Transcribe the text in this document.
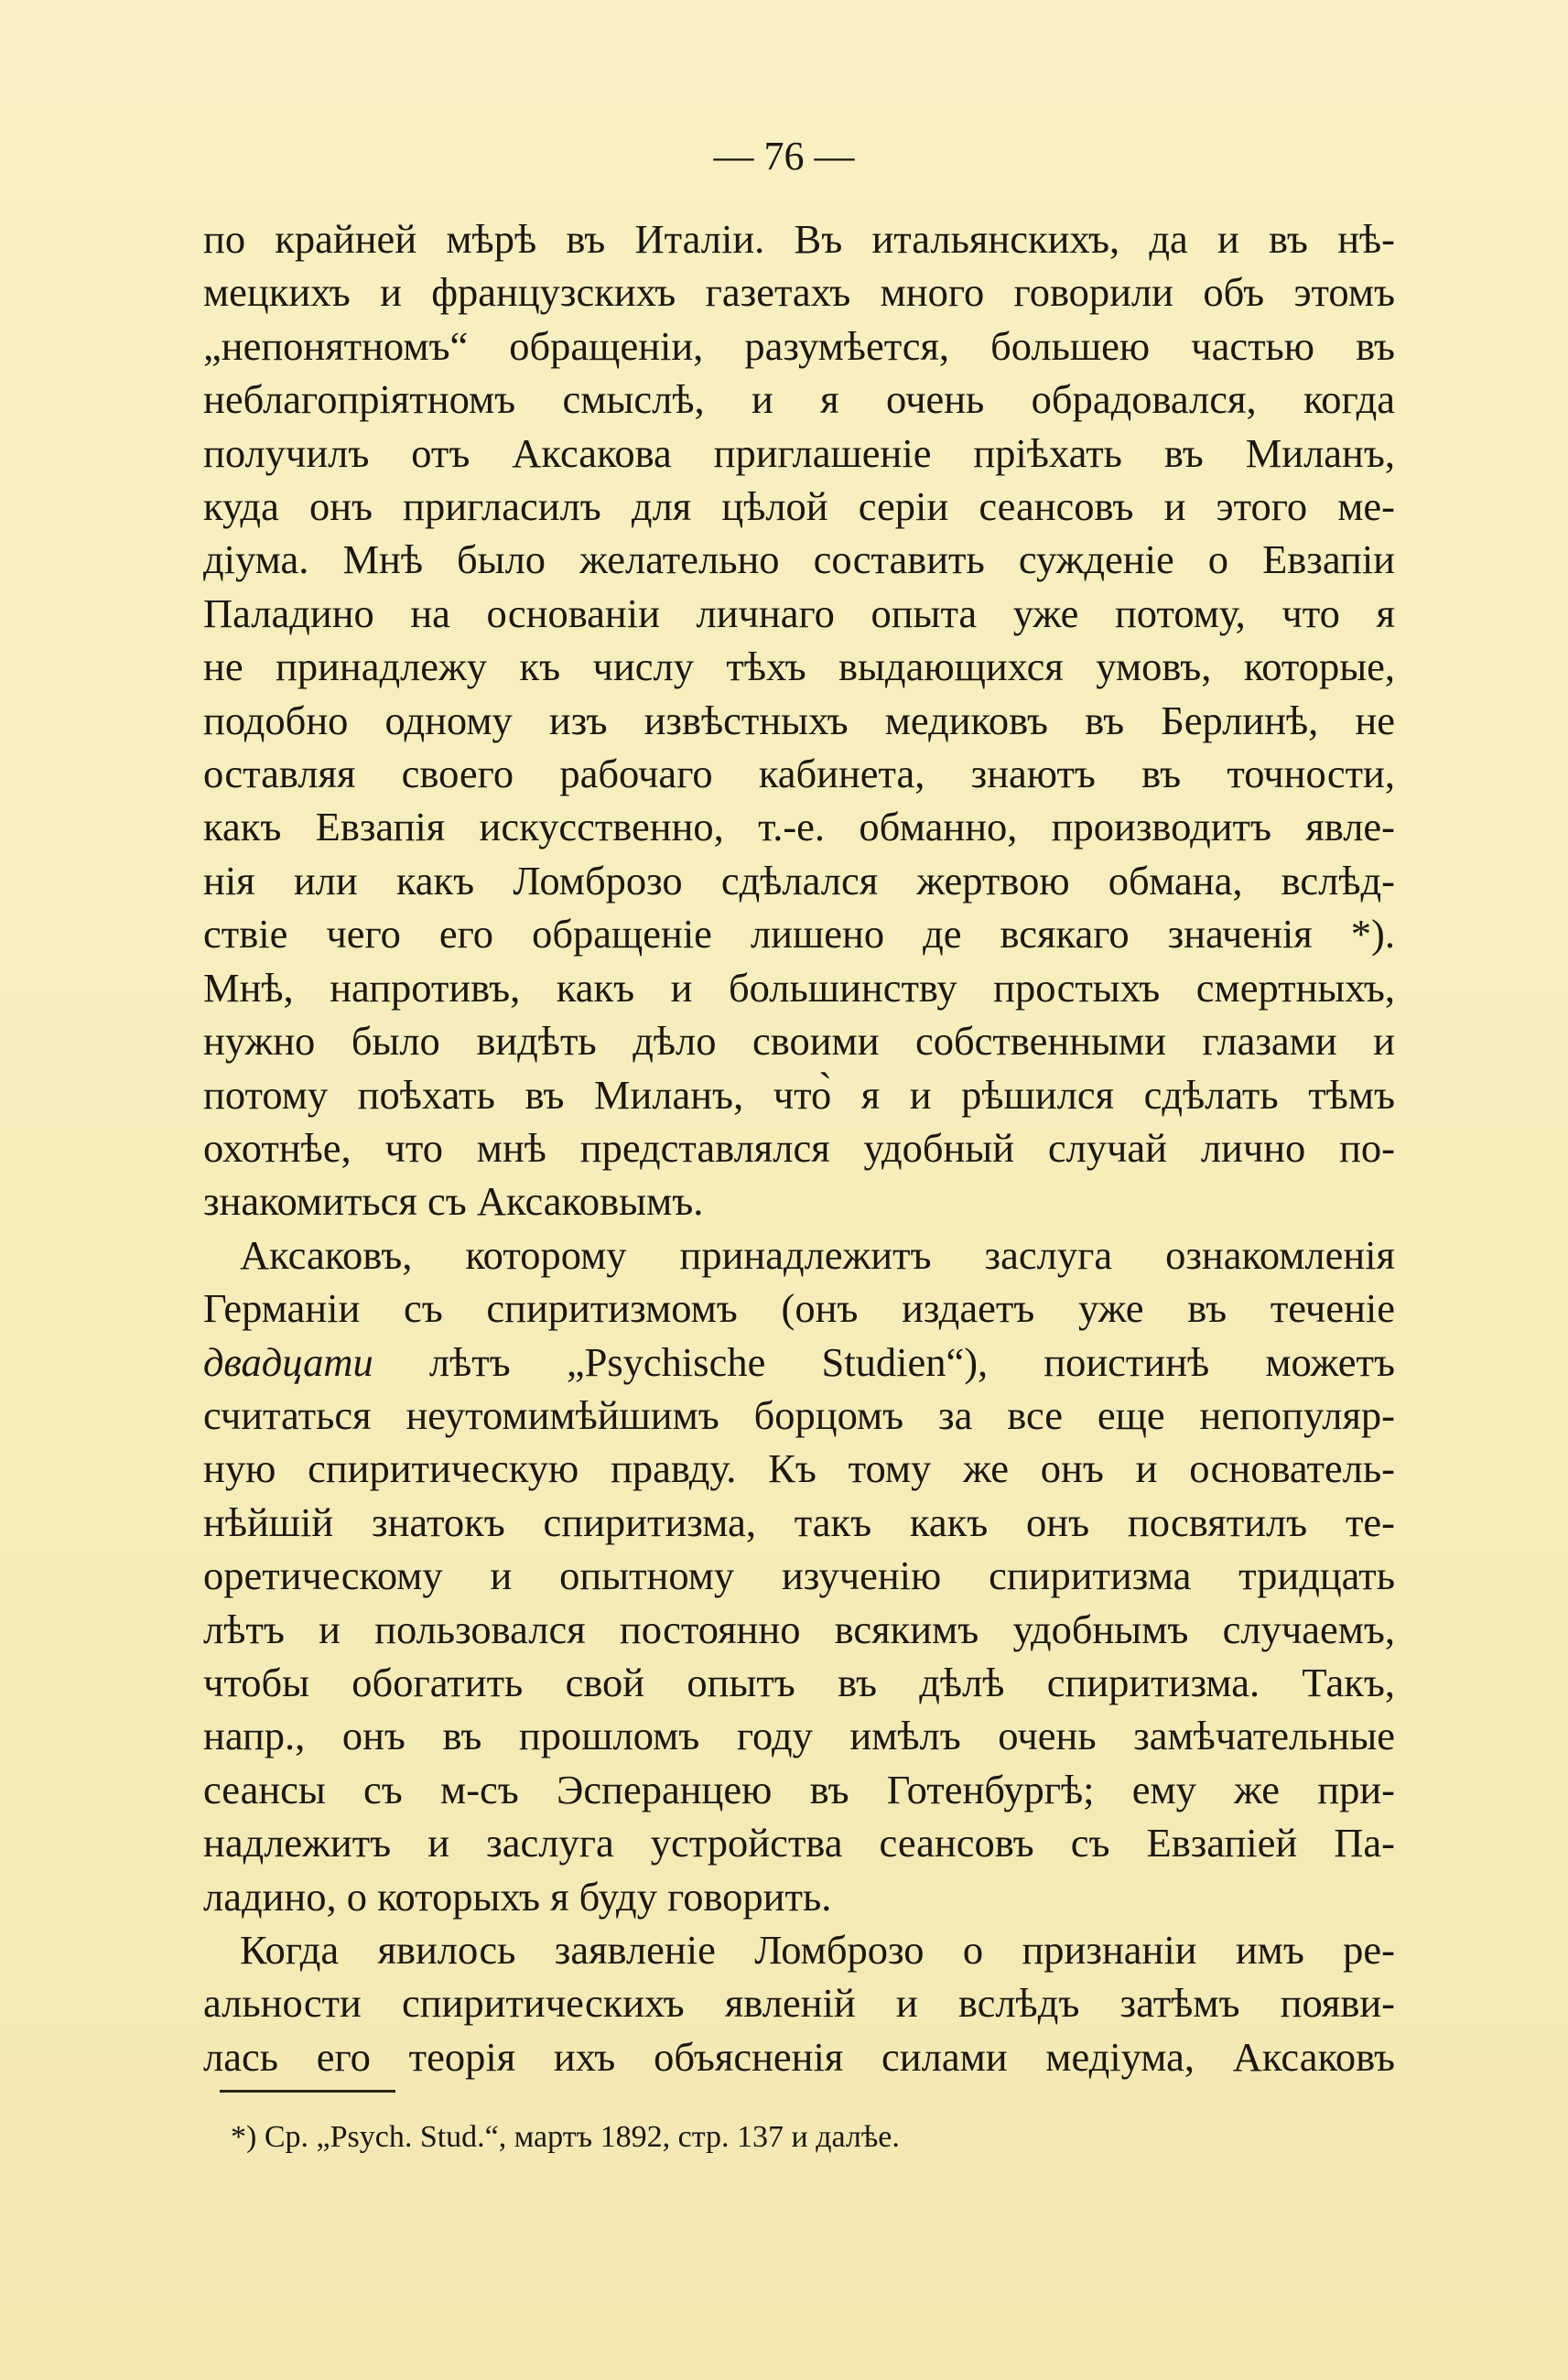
— 76 —

по крайней мѣрѣ въ Италіи. Въ итальянскихъ, да и въ нѣ-
мецкихъ и французскихъ газетахъ много говорили объ этомъ
„непонятномъ“ обращеніи, разумѣется, большею частью въ
неблагопріятномъ смыслѣ, и я очень обрадовался, когда
получилъ отъ Аксакова приглашеніе пріѣхать въ Миланъ,
куда онъ пригласилъ для цѣлой серіи сеансовъ и этого ме-
діума. Мнѣ было желательно составить сужденіе о Евзапіи
Паладино на основаніи личнаго опыта уже потому, что я
не принадлежу къ числу тѣхъ выдающихся умовъ, которые,
подобно одному изъ извѣстныхъ медиковъ въ Берлинѣ, не
оставляя своего рабочаго кабинета, знаютъ въ точности,
какъ Евзапія искусственно, т.-е. обманно, производитъ явле-
нія или какъ Ломброзо сдѣлался жертвою обмана, вслѣд-
ствіе чего его обращеніе лишено де всякаго значенія *).
Мнѣ, напротивъ, какъ и большинству простыхъ смертныхъ,
нужно было видѣть дѣло своими собственными глазами и
потому поѣхать въ Миланъ, что̀ я и рѣшился сдѣлать тѣмъ
охотнѣе, что мнѣ представлялся удобный случай лично по-
знакомиться съ Аксаковымъ.

Аксаковъ, которому принадлежитъ заслуга ознакомленія
Германіи съ спиритизмомъ (онъ издаетъ уже въ теченіе
двадцати лѣтъ „Psychische Studien“), поистинѣ можетъ
считаться неутомимѣйшимъ борцомъ за все еще непопуляр-
ную спиритическую правду. Къ тому же онъ и основатель-
нѣйшій знатокъ спиритизма, такъ какъ онъ посвятилъ те-
оретическому и опытному изученію спиритизма тридцать
лѣтъ и пользовался постоянно всякимъ удобнымъ случаемъ,
чтобы обогатить свой опытъ въ дѣлѣ спиритизма. Такъ,
напр., онъ въ прошломъ году имѣлъ очень замѣчательные
сеансы съ м-съ Эсперанцею въ Готенбургѣ; ему же при-
надлежитъ и заслуга устройства сеансовъ съ Евзапіей Па-
ладино, о которыхъ я буду говорить.

Когда явилось заявленіе Ломброзо о признаніи имъ ре-
альности спиритическихъ явленій и вслѣдъ затѣмъ появи-
лась его теорія ихъ объясненія силами медіума, Аксаковъ

*) Ср. „Psych. Stud.“, мартъ 1892, стр. 137 и далѣе.
